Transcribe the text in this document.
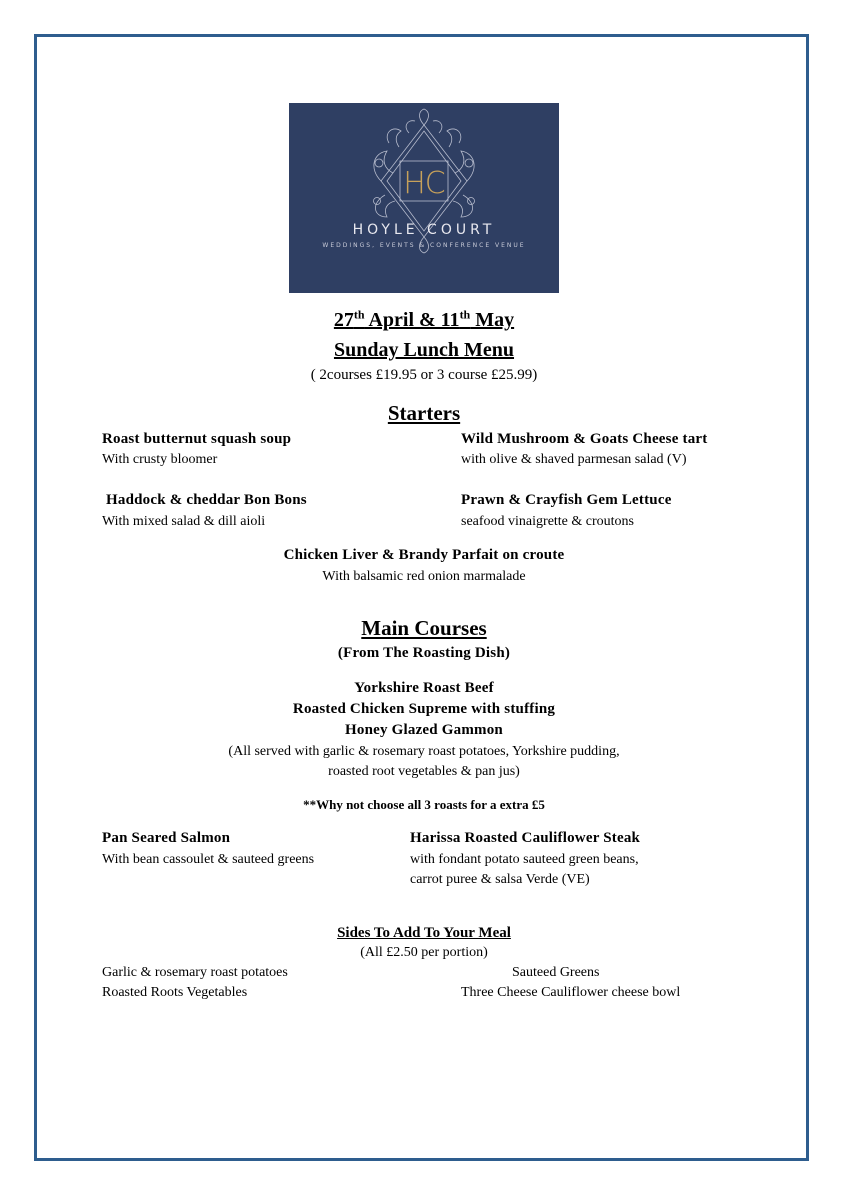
HC
HOYLE COURT
WEDDINGS, EVENTS & CONFERENCE VENUE
27th April & 11th May
Sunday Lunch Menu
( 2courses £19.95 or 3 course £25.99)
Starters
Roast butternut squash soup
With crusty bloomer
Wild Mushroom & Goats Cheese tart
with olive & shaved parmesan salad (V)
Haddock & cheddar Bon Bons
With mixed salad & dill aioli
Prawn & Crayfish Gem Lettuce
seafood vinaigrette & croutons
Chicken Liver & Brandy Parfait on croute
With balsamic red onion marmalade
Main Courses
(From The Roasting Dish)
Yorkshire Roast Beef
Roasted Chicken Supreme with stuffing
Honey Glazed Gammon
(All served with garlic & rosemary roast potatoes, Yorkshire pudding,
roasted root vegetables & pan jus)
**Why not choose all 3 roasts for a extra £5
Pan Seared Salmon
With bean cassoulet & sauteed greens
Harissa Roasted Cauliflower Steak
with fondant potato sauteed green beans,
carrot puree & salsa Verde (VE)
Sides To Add To Your Meal
(All £2.50 per portion)
Garlic & rosemary roast potatoes	Sauteed Greens
Roasted Roots Vegetables	Three Cheese Cauliflower cheese bowl
